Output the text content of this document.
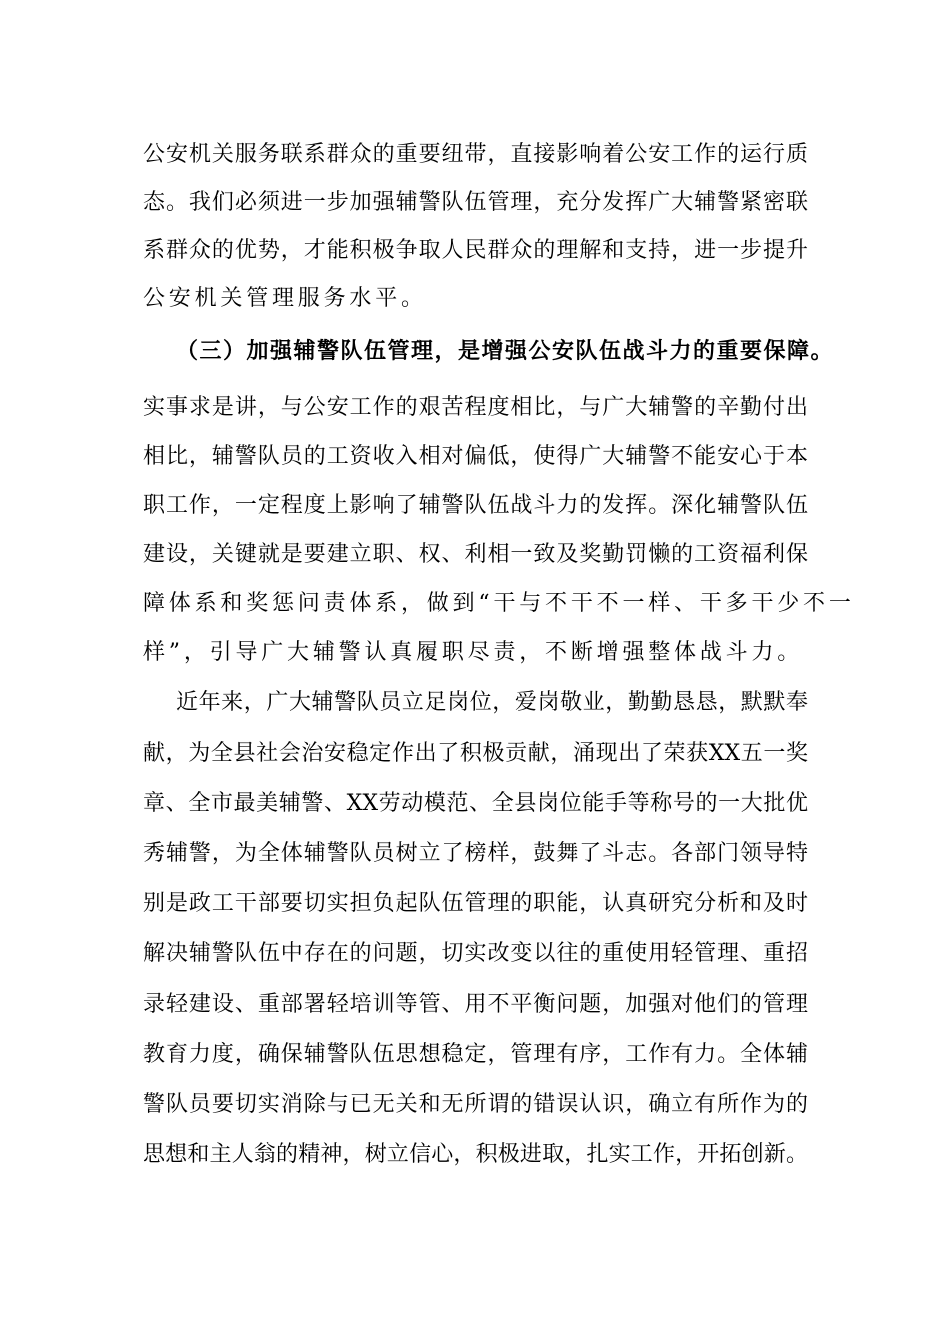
公安机关服务联系群众的重要纽带，直接影响着公安工作的运行质
态。我们必须进一步加强辅警队伍管理，充分发挥广大辅警紧密联
系群众的优势，才能积极争取人民群众的理解和支持，进一步提升
公安机关管理服务水平。
（三）加强辅警队伍管理，是增强公安队伍战斗力的重要保障。
实事求是讲，与公安工作的艰苦程度相比，与广大辅警的辛勤付出
相比，辅警队员的工资收入相对偏低，使得广大辅警不能安心于本
职工作，一定程度上影响了辅警队伍战斗力的发挥。深化辅警队伍
建设，关键就是要建立职、权、利相一致及奖勤罚懒的工资福利保
障体系和奖惩问责体系，做到“干与不干不一样、干多干少不一
样”，引导广大辅警认真履职尽责，不断增强整体战斗力。
近年来，广大辅警队员立足岗位，爱岗敬业，勤勤恳恳，默默奉
献，为全县社会治安稳定作出了积极贡献，涌现出了荣获XX五一奖
章、全市最美辅警、XX劳动模范、全县岗位能手等称号的一大批优
秀辅警，为全体辅警队员树立了榜样，鼓舞了斗志。各部门领导特
别是政工干部要切实担负起队伍管理的职能，认真研究分析和及时
解决辅警队伍中存在的问题，切实改变以往的重使用轻管理、重招
录轻建设、重部署轻培训等管、用不平衡问题，加强对他们的管理
教育力度，确保辅警队伍思想稳定，管理有序，工作有力。全体辅
警队员要切实消除与已无关和无所谓的错误认识，确立有所作为的
思想和主人翁的精神，树立信心，积极进取，扎实工作，开拓创新。
